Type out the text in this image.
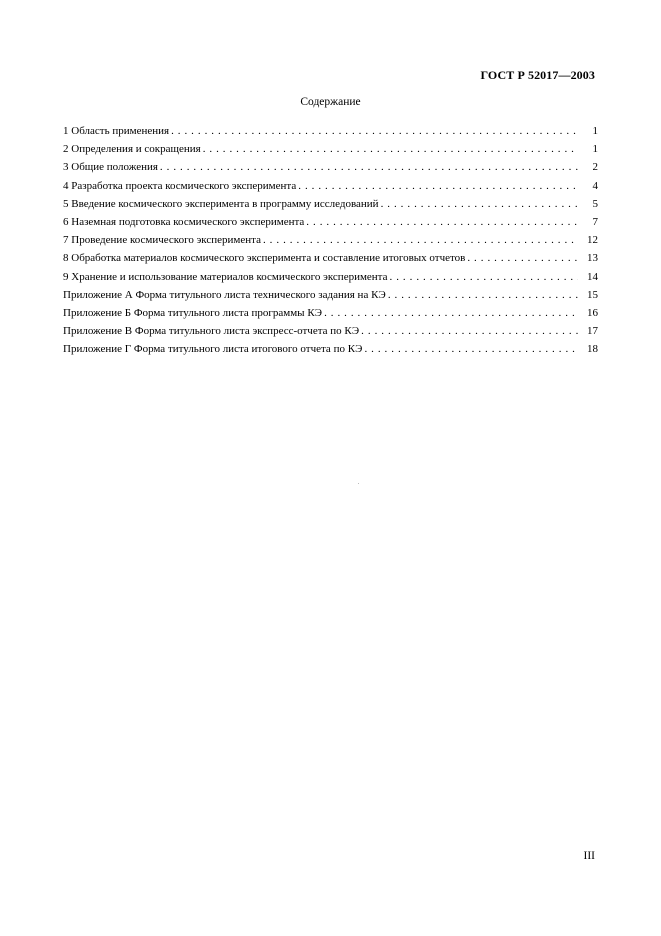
ГОСТ Р 52017—2003
Содержание
1 Область применения . . .	1
2 Определения и сокращения . . .	1
3 Общие положения . . .	2
4 Разработка проекта космического эксперимента . . .	4
5 Введение космического эксперимента в программу исследований . . .	5
6 Наземная подготовка космического эксперимента . . .	7
7 Проведение космического эксперимента . . .	12
8 Обработка материалов космического эксперимента и составление итоговых отчетов . . .	13
9 Хранение и использование материалов космического эксперимента . . .	14
Приложение А Форма титульного листа технического задания на КЭ . . .	15
Приложение Б Форма титульного листа программы КЭ . . .	16
Приложение В Форма титульного листа экспресс-отчета по КЭ . . .	17
Приложение Г Форма титульного листа итогового отчета по КЭ . . .	18
III
